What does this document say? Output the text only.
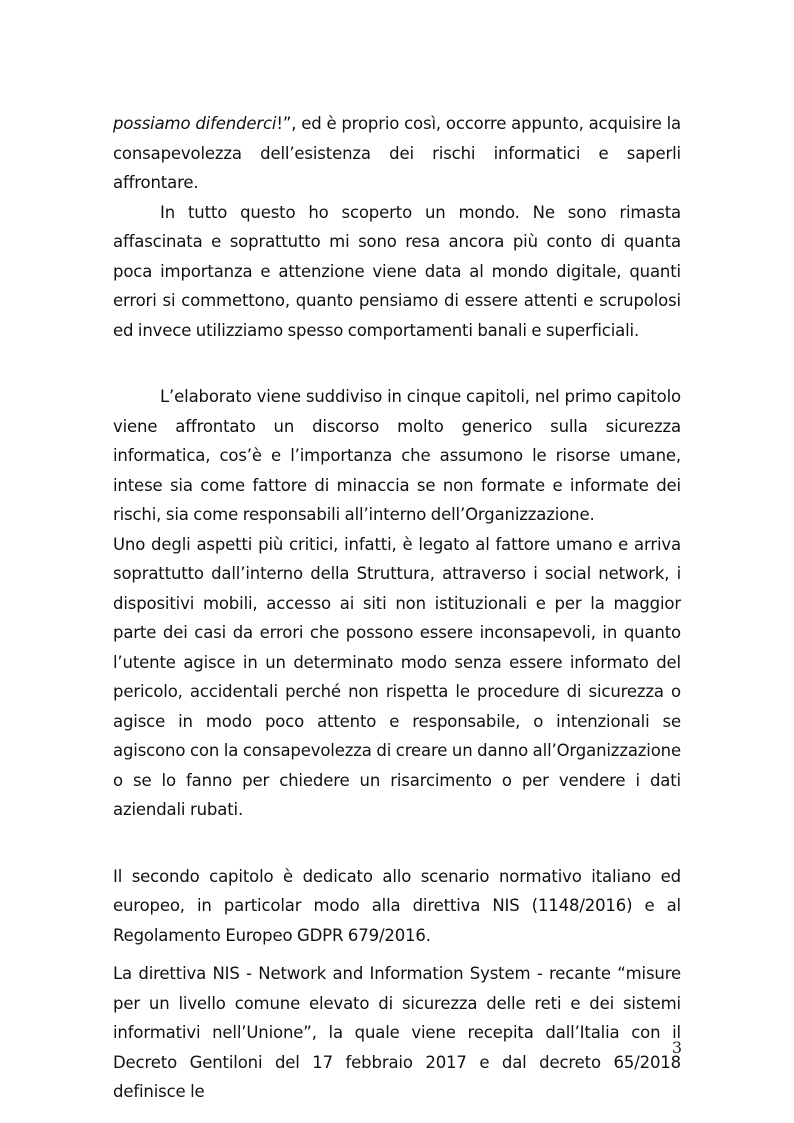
possiamo difenderci!”, ed è proprio così, occorre appunto, acquisire la consapevolezza dell’esistenza dei rischi informatici e saperli affrontare.

In tutto questo ho scoperto un mondo. Ne sono rimasta affascinata e soprattutto mi sono resa ancora più conto di quanta poca importanza e attenzione viene data al mondo digitale, quanti errori si commettono, quanto pensiamo di essere attenti e scrupolosi ed invece utilizziamo spesso comportamenti banali e superficiali.

L’elaborato viene suddiviso in cinque capitoli, nel primo capitolo viene affrontato un discorso molto generico sulla sicurezza informatica, cos’è e l’importanza che assumono le risorse umane, intese sia come fattore di minaccia se non formate e informate dei rischi, sia come responsabili all’interno dell’Organizzazione.

Uno degli aspetti più critici, infatti, è legato al fattore umano e arriva soprattutto dall’interno della Struttura, attraverso i social network, i dispositivi mobili, accesso ai siti non istituzionali e per la maggior parte dei casi da errori che possono essere inconsapevoli, in quanto l’utente agisce in un determinato modo senza essere informato del pericolo, accidentali perché non rispetta le procedure di sicurezza o agisce in modo poco attento e responsabile, o intenzionali se agiscono con la consapevolezza di creare un danno all’Organizzazione o se lo fanno per chiedere un risarcimento o per vendere i dati aziendali rubati.

Il secondo capitolo è dedicato allo scenario normativo italiano ed europeo, in particolar modo alla direttiva NIS (1148/2016) e al Regolamento Europeo GDPR 679/2016.

La direttiva NIS - Network and Information System - recante “misure per un livello comune elevato di sicurezza delle reti e dei sistemi informativi nell’Unione”, la quale viene recepita dall’Italia con il Decreto Gentiloni del 17 febbraio 2017 e dal decreto 65/2018 definisce le

3
